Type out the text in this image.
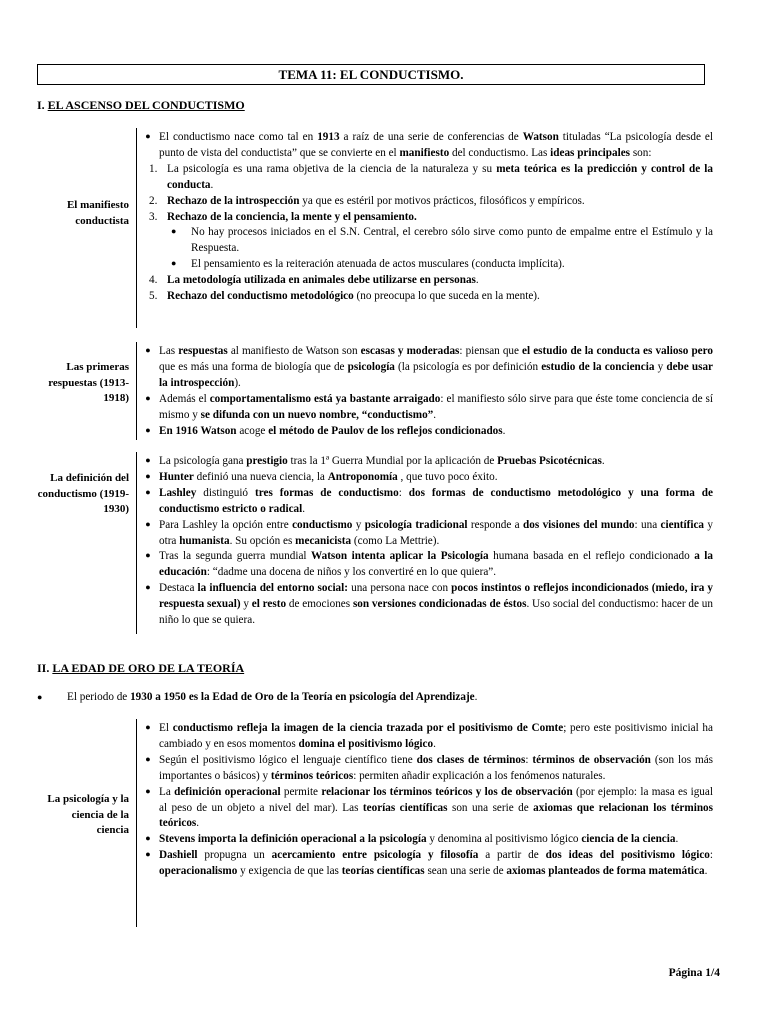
TEMA 11: EL CONDUCTISMO.
I. EL ASCENSO DEL CONDUCTISMO
El manifiesto conductista
● El conductismo nace como tal en 1913 a raíz de una serie de conferencias de Watson tituladas “La psicología desde el punto de vista del conductista” que se convierte en el manifiesto del conductismo. Las ideas principales son:
1. La psicología es una rama objetiva de la ciencia de la naturaleza y su meta teórica es la predicción y control de la conducta.
2. Rechazo de la introspección ya que es estéril por motivos prácticos, filosóficos y empíricos.
3. Rechazo de la conciencia, la mente y el pensamiento.
● No hay procesos iniciados en el S.N. Central, el cerebro sólo sirve como punto de empalme entre el Estímulo y la Respuesta.
● El pensamiento es la reiteración atenuada de actos musculares (conducta implícita).
4. La metodología utilizada en animales debe utilizarse en personas.
5. Rechazo del conductismo metodológico (no preocupa lo que suceda en la mente).
Las primeras respuestas (1913-1918)
● Las respuestas al manifiesto de Watson son escasas y moderadas: piensan que el estudio de la conducta es valioso pero que es más una forma de biología que de psicología (la psicología es por definición estudio de la conciencia y debe usar la introspección).
● Además el comportamentalismo está ya bastante arraigado: el manifiesto sólo sirve para que éste tome conciencia de sí mismo y se difunda con un nuevo nombre, “conductismo”.
● En 1916 Watson acoge el método de Paulov de los reflejos condicionados.
La definición del conductismo (1919-1930)
● La psicología gana prestigio tras la 1ª Guerra Mundial por la aplicación de Pruebas Psicotécnicas.
● Hunter definió una nueva ciencia, la Antroponomía , que tuvo poco éxito.
● Lashley distinguió tres formas de conductismo: dos formas de conductismo metodológico y una forma de conductismo estricto o radical.
● Para Lashley la opción entre conductismo y psicología tradicional responde a dos visiones del mundo: una científica y otra humanista. Su opción es mecanicista (como La Mettrie).
● Tras la segunda guerra mundial Watson intenta aplicar la Psicología humana basada en el reflejo condicionado a la educación: “dadme una docena de niños y los convertiré en lo que quiera”.
● Destaca la influencia del entorno social: una persona nace con pocos instintos o reflejos incondicionados (miedo, ira y respuesta sexual) y el resto de emociones son versiones condicionadas de éstos. Uso social del conductismo: hacer de un niño lo que se quiera.
II. LA EDAD DE ORO DE LA TEORÍA
● El periodo de 1930 a 1950 es la Edad de Oro de la Teoría en psicología del Aprendizaje.
La psicología y la ciencia de la ciencia
● El conductismo refleja la imagen de la ciencia trazada por el positivismo de Comte; pero este positivismo inicial ha cambiado y en esos momentos domina el positivismo lógico.
● Según el positivismo lógico el lenguaje científico tiene dos clases de términos: términos de observación (son los más importantes o básicos) y términos teóricos: permiten añadir explicación a los fenómenos naturales.
● La definición operacional permite relacionar los términos teóricos y los de observación (por ejemplo: la masa es igual al peso de un objeto a nivel del mar). Las teorías científicas son una serie de axiomas que relacionan los términos teóricos.
● Stevens importa la definición operacional a la psicología y denomina al positivismo lógico ciencia de la ciencia.
● Dashiell propugna un acercamiento entre psicología y filosofía a partir de dos ideas del positivismo lógico: operacionalismo y exigencia de que las teorías científicas sean una serie de axiomas planteados de forma matemática.
Página 1/4
